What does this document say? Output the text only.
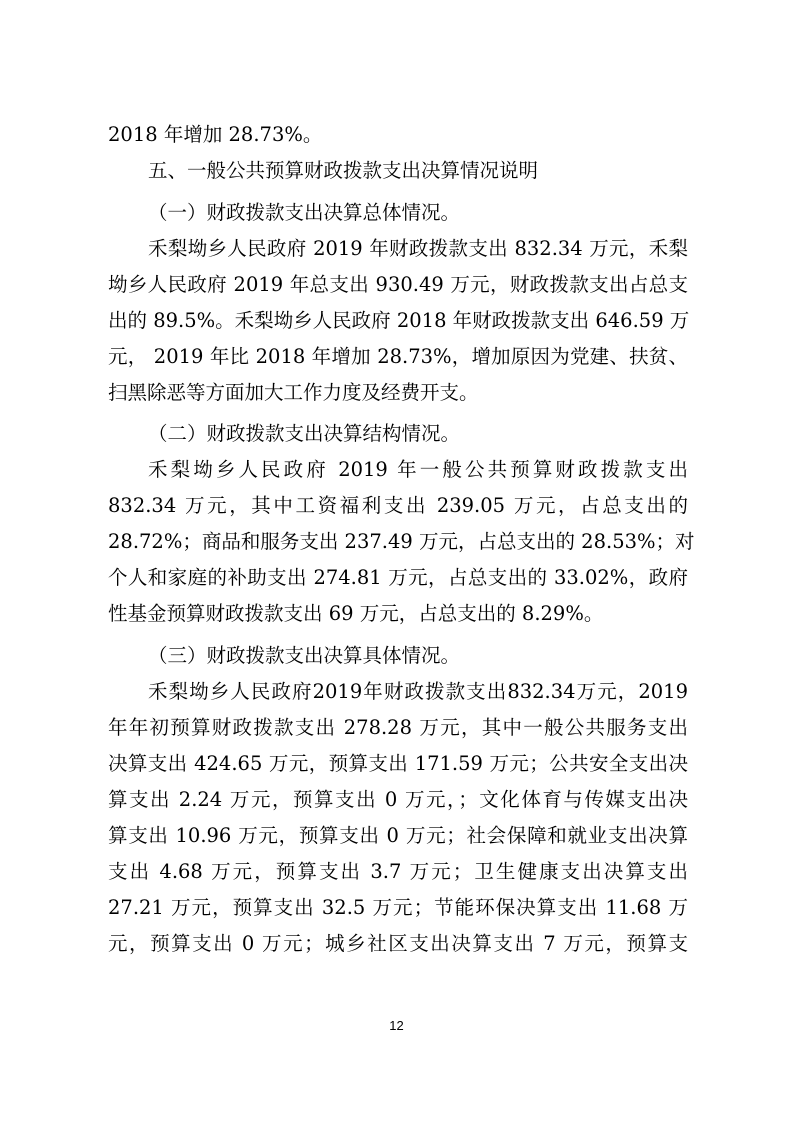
2018 年增加 28.73%。

五、一般公共预算财政拨款支出决算情况说明

（一）财政拨款支出决算总体情况。

禾梨坳乡人民政府 2019 年财政拨款支出 832.34 万元，禾梨

坳乡人民政府 2019 年总支出 930.49 万元，财政拨款支出占总支

出的 89.5%。禾梨坳乡人民政府 2018 年财政拨款支出 646.59 万

元， 2019 年比 2018 年增加 28.73%，增加原因为党建、扶贫、

扫黑除恶等方面加大工作力度及经费开支。

（二）财政拨款支出决算结构情况。

禾梨坳乡人民政府 2019 年一般公共预算财政拨款支出

832.34 万元，其中工资福利支出 239.05 万元，占总支出的

28.72%；商品和服务支出 237.49 万元，占总支出的 28.53%；对

个人和家庭的补助支出 274.81 万元，占总支出的 33.02%，政府

性基金预算财政拨款支出 69 万元，占总支出的 8.29%。

（三）财政拨款支出决算具体情况。

禾梨坳乡人民政府2019年财政拨款支出832.34万元，2019

年年初预算财政拨款支出 278.28 万元，其中一般公共服务支出

决算支出 424.65 万元，预算支出 171.59 万元；公共安全支出决

算支出 2.24 万元，预算支出 0 万元，；文化体育与传媒支出决

算支出 10.96 万元，预算支出 0 万元；社会保障和就业支出决算

支出 4.68 万元，预算支出 3.7 万元；卫生健康支出决算支出

27.21 万元，预算支出 32.5 万元；节能环保决算支出 11.68 万

元，预算支出 0 万元；城乡社区支出决算支出 7 万元，预算支

12
